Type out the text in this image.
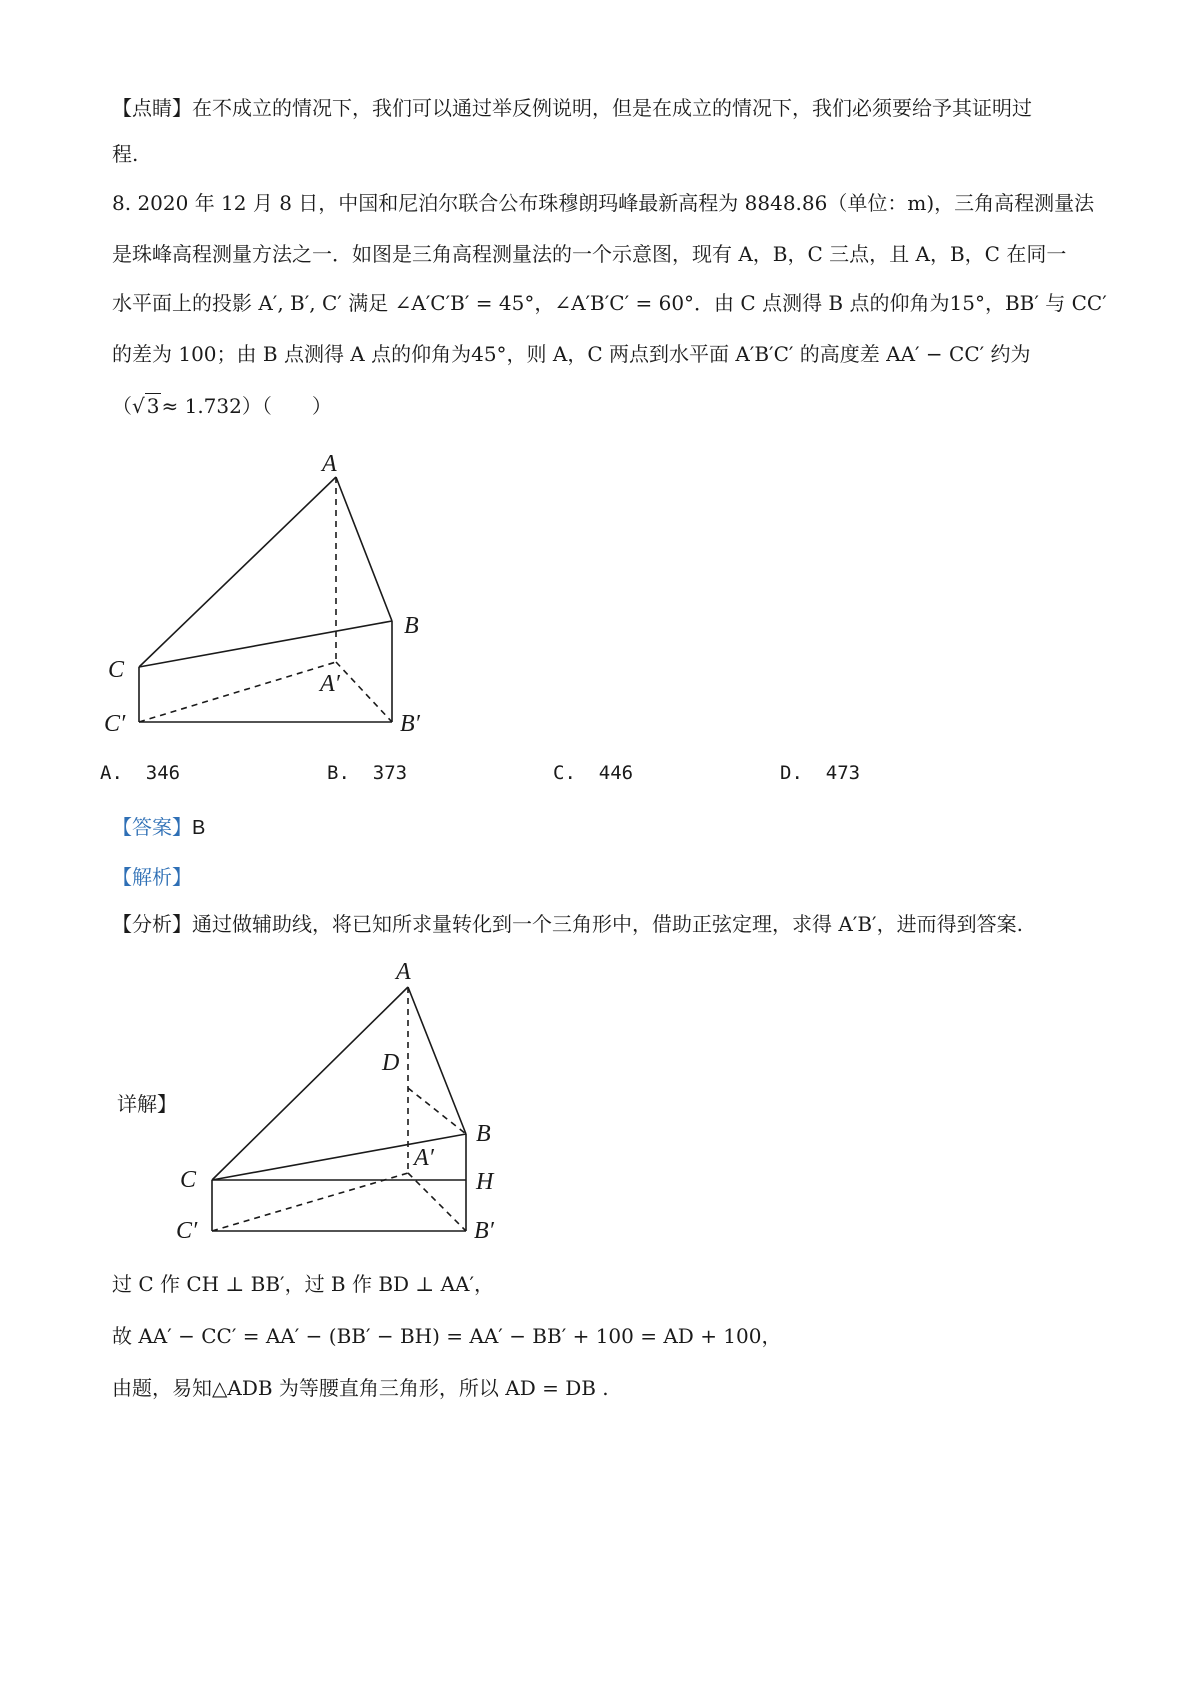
【点睛】在不成立的情况下，我们可以通过举反例说明，但是在成立的情况下，我们必须要给予其证明过
程.
8. 2020 年 12 月 8 日，中国和尼泊尔联合公布珠穆朗玛峰最新高程为 8848.86（单位：m)，三角高程测量法
是珠峰高程测量方法之一．如图是三角高程测量法的一个示意图，现有 A，B，C 三点，且 A，B，C 在同一
水平面上的投影 A′, B′, C′ 满足 ∠A′C′B′ = 45°，∠A′B′C′ = 60°．由 C 点测得 B 点的仰角为15°，BB′ 与 CC′
的差为 100；由 B 点测得 A 点的仰角为45°，则 A，C 两点到水平面 A′B′C′ 的高度差 AA′ − CC′ 约为
（√ 3 ≈ 1.732）（　　）
A
B
C
A′
B′
C′
A. 346	B. 373	C. 446	D. 473
【答案】B
【解析】
【分析】通过做辅助线，将已知所求量转化到一个三角形中，借助正弦定理，求得 A′B′，进而得到答案.
详解】
A
D
B
A′
H
C
C′	B′
过 C 作 CH ⊥ BB′，过 B 作 BD ⊥ AA′，
故 AA′ − CC′ = AA′ − (BB′ − BH) = AA′ − BB′ + 100 = AD + 100，
由题，易知△ADB 为等腰直角三角形，所以 AD = DB .
